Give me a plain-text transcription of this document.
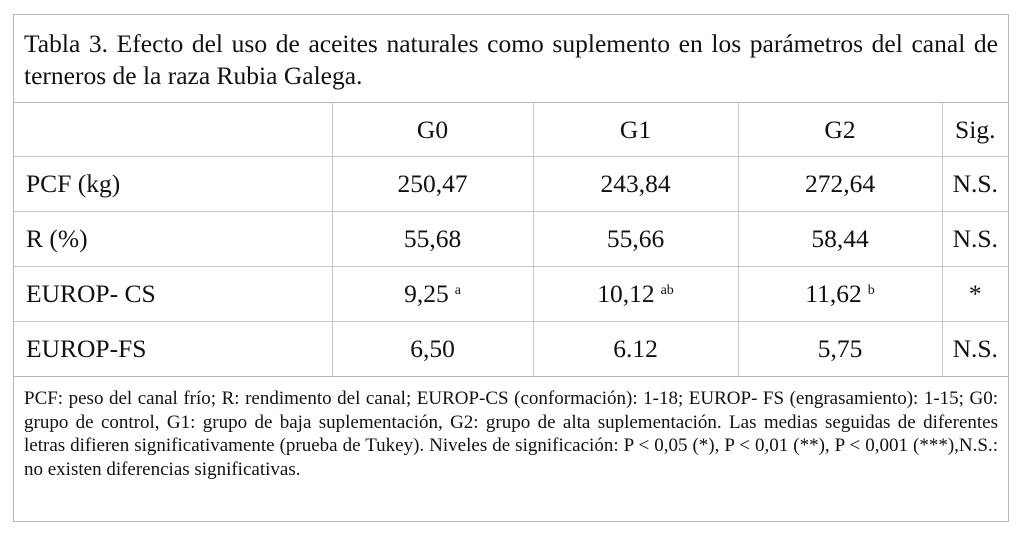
Tabla 3. Efecto del uso de aceites naturales como suplemento en los parámetros del canal de terneros de la raza Rubia Galega.
	G0	G1	G2	Sig.
PCF (kg)	250,47	243,84	272,64	N.S.
R (%)	55,68	55,66	58,44	N.S.
EUROP- CS	9,25 $^a$	10,12 $^{ab}$	11,62 $^b$	*
EUROP-FS	6,50	6.12	5,75	N.S.
PCF: peso del canal frío; R: rendimento del canal; EUROP-CS (conformación): 1-18; EUROP- FS (engrasamiento): 1-15; G0: grupo de control, G1: grupo de baja suplementación, G2: grupo de alta suplementación. Las medias seguidas de diferentes letras difieren significativamente (prueba de Tukey). Niveles de significación: P < 0,05 (*), P < 0,01 (**), P < 0,001 (***),N.S.: no existen diferencias significativas.
